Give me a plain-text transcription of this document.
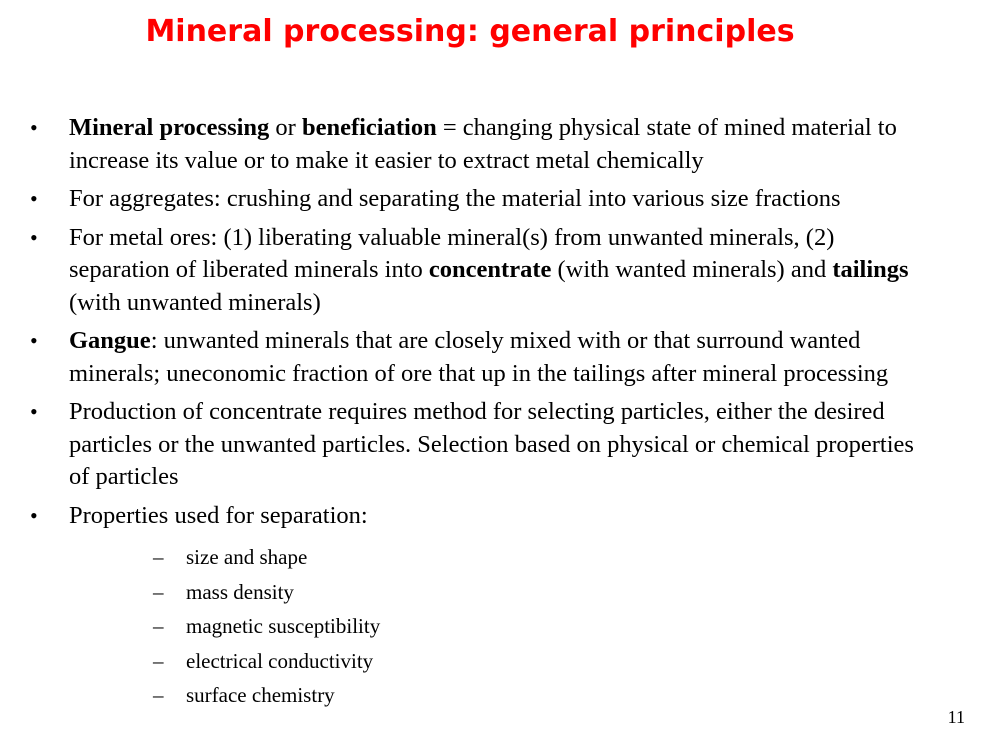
Mineral processing: general principles
• Mineral processing or beneficiation = changing physical state of mined material to increase its value or to make it easier to extract metal chemically
• For aggregates: crushing and separating the material into various size fractions
• For metal ores: (1) liberating valuable mineral(s) from unwanted minerals, (2) separation of liberated minerals into concentrate (with wanted minerals) and tailings (with unwanted minerals)
• Gangue: unwanted minerals that are closely mixed with or that surround wanted minerals; uneconomic fraction of ore that up in the tailings after mineral processing
• Production of concentrate requires method for selecting particles, either the desired particles or the unwanted particles. Selection based on physical or chemical properties of particles
• Properties used for separation:
– size and shape
– mass density
– magnetic susceptibility
– electrical conductivity
– surface chemistry
11
